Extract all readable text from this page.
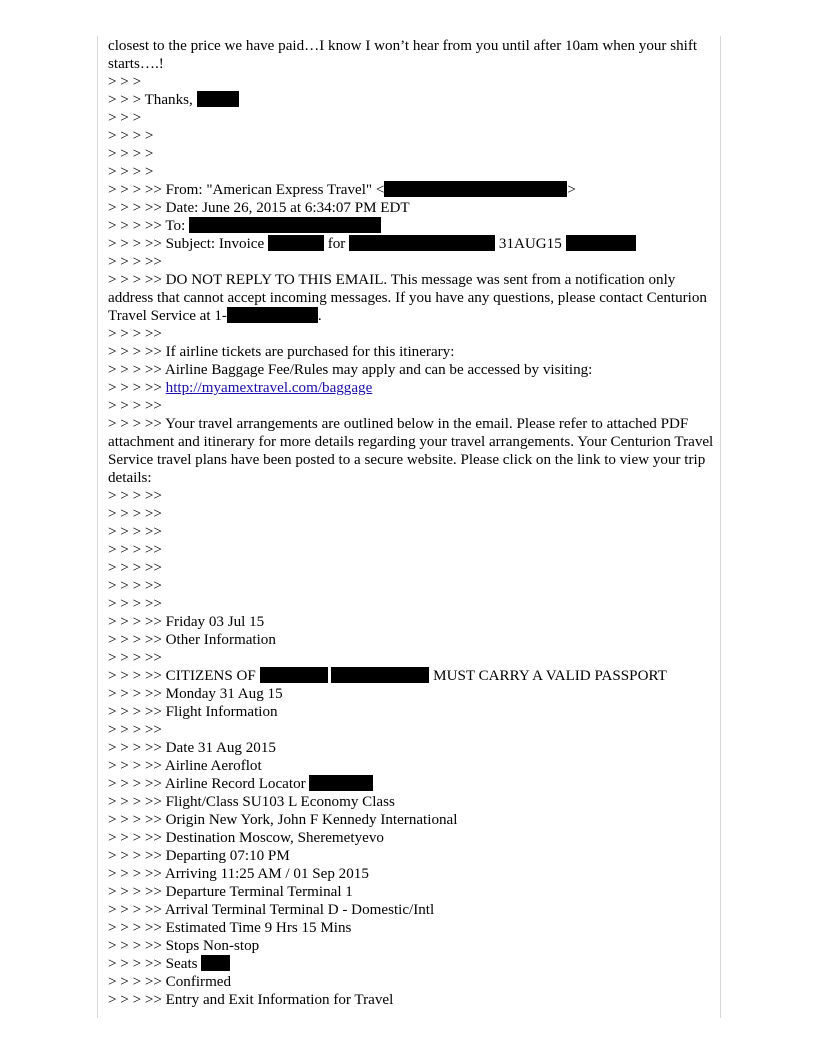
closest to the price we have paid…I know I won’t hear from you until after 10am when your shift starts….!
> > >
> > > Thanks,
> > >
> > > >
> > > >
> > > >
> > > >> From: "American Express Travel" <	>
> > > >> Date: June 26, 2015 at 6:34:07 PM EDT
> > > >> To:
> > > >> Subject: Invoice	for	31AUG15
> > > >>
> > > >> DO NOT REPLY TO THIS EMAIL. This message was sent from a notification only address that cannot accept incoming messages. If you have any questions, please contact Centurion Travel Service at 1-	.
> > > >>
> > > >> If airline tickets are purchased for this itinerary:
> > > >> Airline Baggage Fee/Rules may apply and can be accessed by visiting:
> > > >> http://myamextravel.com/baggage
> > > >>
> > > >> Your travel arrangements are outlined below in the email. Please refer to attached PDF attachment and itinerary for more details regarding your travel arrangements. Your Centurion Travel Service travel plans have been posted to a secure website. Please click on the link to view your trip details:
> > > >>
> > > >>
> > > >>
> > > >>
> > > >>
> > > >>
> > > >>
> > > >> Friday 03 Jul 15
> > > >> Other Information
> > > >>
> > > >> CITIZENS OF	MUST CARRY A VALID PASSPORT
> > > >> Monday 31 Aug 15
> > > >> Flight Information
> > > >>
> > > >> Date 31 Aug 2015
> > > >> Airline Aeroflot
> > > >> Airline Record Locator
> > > >> Flight/Class SU103 L Economy Class
> > > >> Origin New York, John F Kennedy International
> > > >> Destination Moscow, Sheremetyevo
> > > >> Departing 07:10 PM
> > > >> Arriving 11:25 AM / 01 Sep 2015
> > > >> Departure Terminal Terminal 1
> > > >> Arrival Terminal Terminal D - Domestic/Intl
> > > >> Estimated Time 9 Hrs 15 Mins
> > > >> Stops Non-stop
> > > >> Seats
> > > >> Confirmed
> > > >> Entry and Exit Information for Travel
